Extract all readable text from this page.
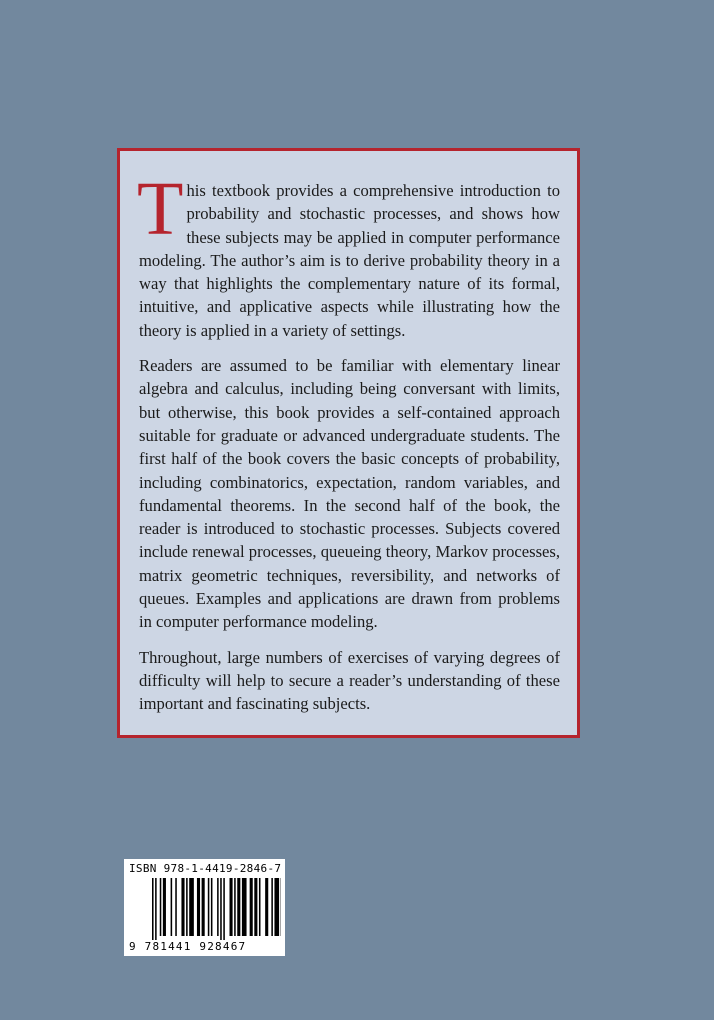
This textbook provides a comprehensive introduction to probability and stochastic processes, and shows how these subjects may be applied in computer performance modeling. The author’s aim is to derive probability theory in a way that highlights the complementary nature of its formal, intuitive, and applicative aspects while illustrating how the theory is applied in a variety of settings.

Readers are assumed to be familiar with elementary linear algebra and calculus, including being conversant with limits, but otherwise, this book provides a self-contained approach suitable for graduate or advanced undergraduate students. The first half of the book covers the basic concepts of probability, including combinatorics, expectation, random variables, and fundamental theorems. In the second half of the book, the reader is introduced to stochastic processes. Subjects covered include renewal processes, queueing theory, Markov processes, matrix geometric techniques, reversibility, and networks of queues. Examples and applications are drawn from problems in computer performance modeling.

Throughout, large numbers of exercises of varying degrees of difficulty will help to secure a reader’s understanding of these important and fascinating subjects.

ISBN 978-1-4419-2846-7
9 781441 928467
